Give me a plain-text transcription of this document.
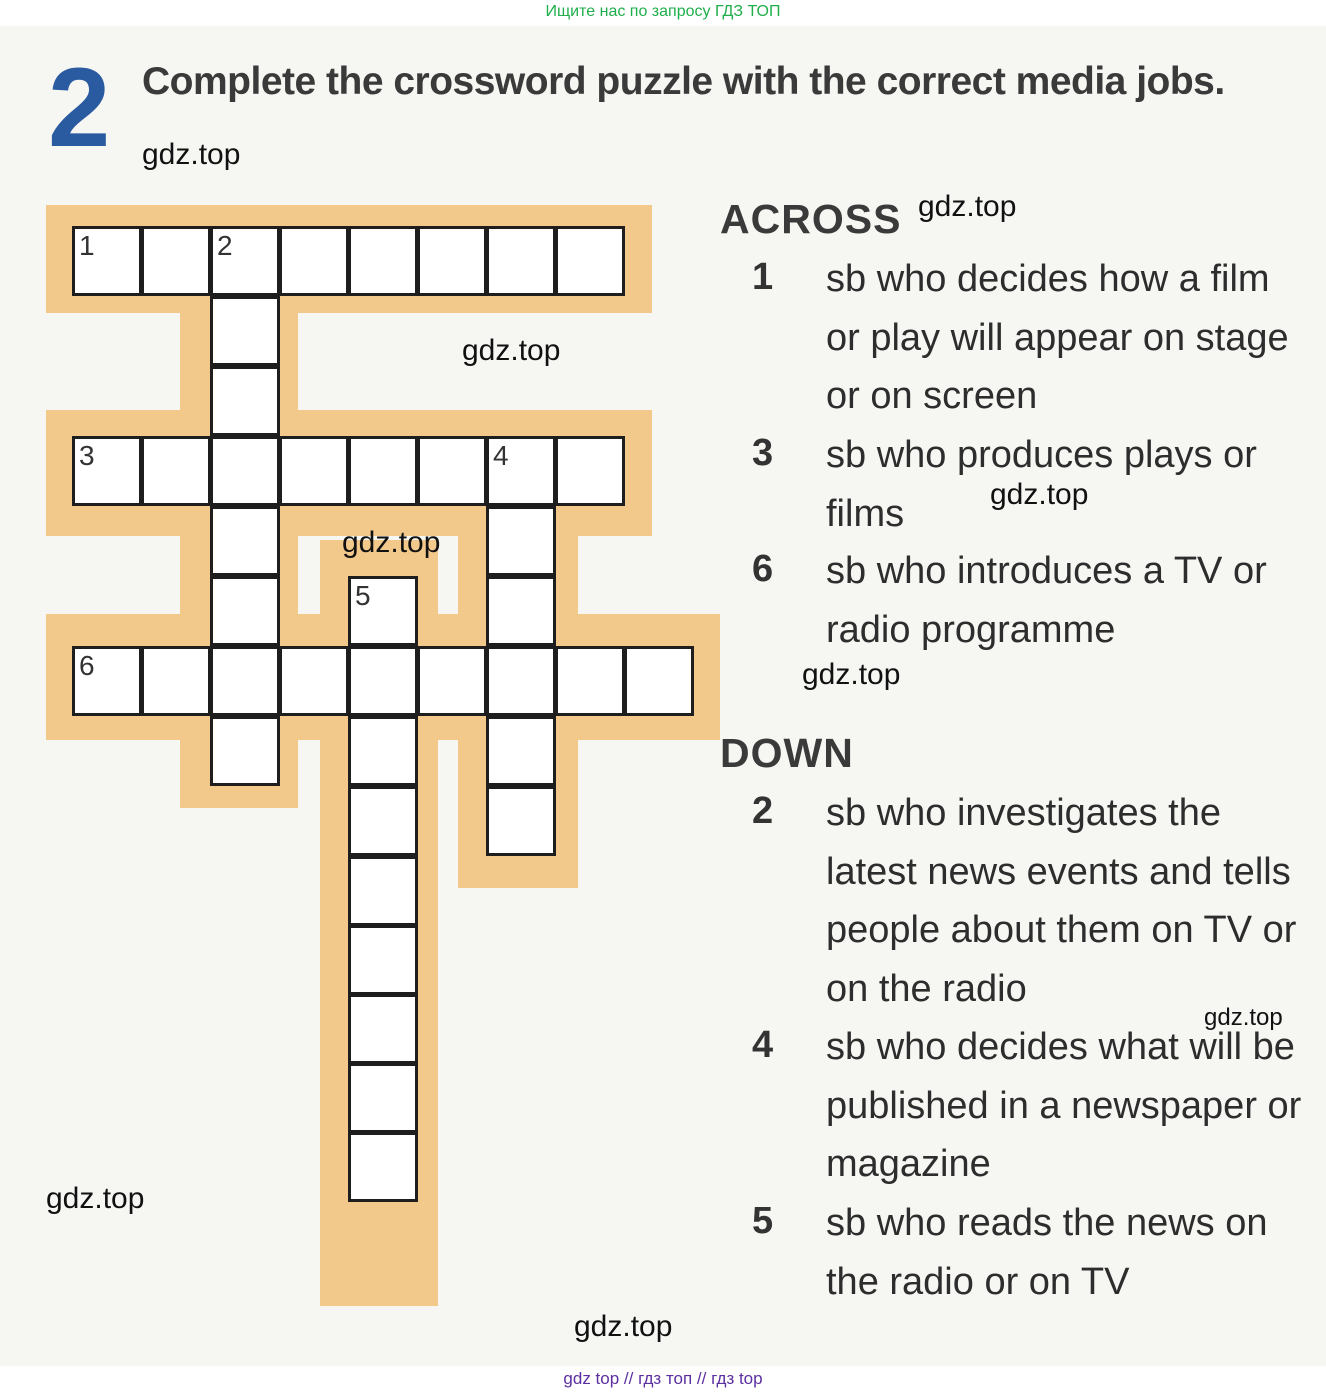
Ищите нас по запросу ГДЗ ТОП
2 Complete the crossword puzzle with the correct media jobs.
1	2
3	4
5
6
ACROSS
1 sb who decides how a film or play will appear on stage or on screen
3 sb who produces plays or films
6 sb who introduces a TV or radio programme
DOWN
2 sb who investigates the latest news events and tells people about them on TV or on the radio
4 sb who decides what will be published in a newspaper or magazine
5 sb who reads the news on the radio or on TV
gdz.top
gdz.top
gdz.top
gdz.top
gdz.top
gdz.top
gdz.top
gdz.top
gdz.top
gdz top // гдз топ // гдз top
